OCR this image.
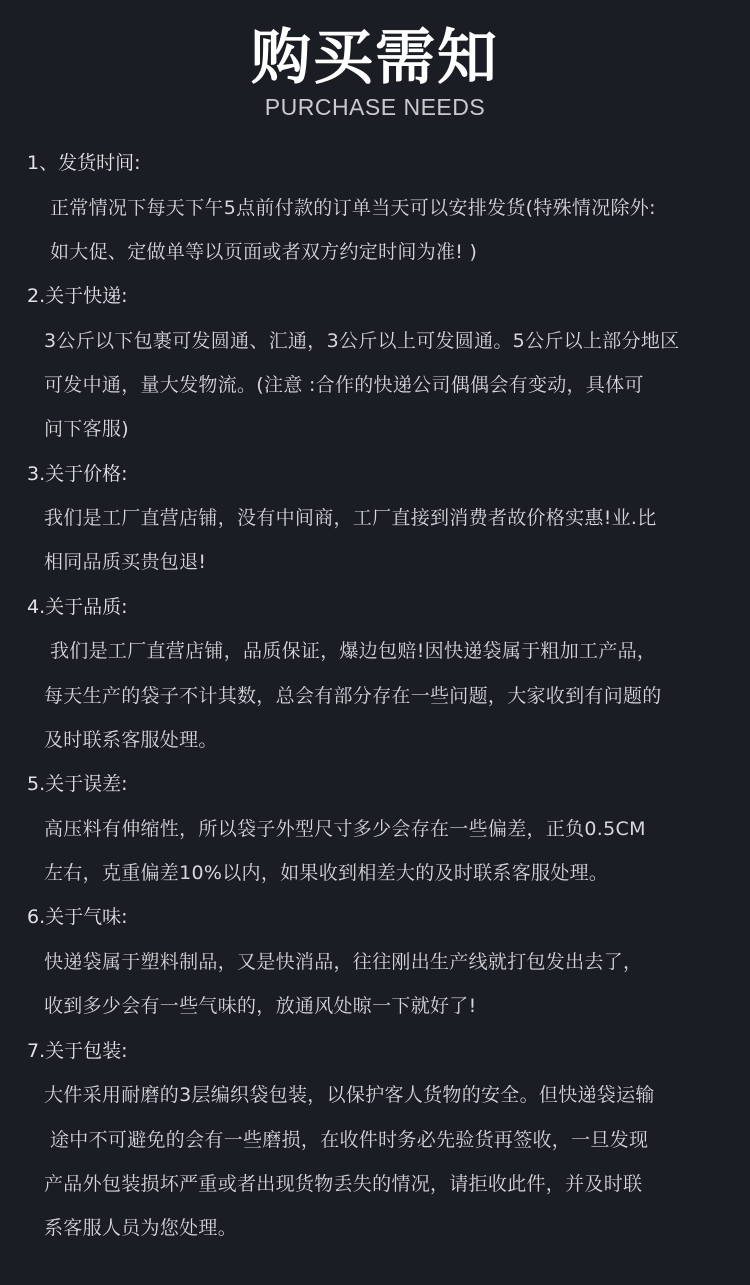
购买需知
PURCHASE NEEDS
1、发货时间:
正常情况下每天下午5点前付款的订单当天可以安排发货(特殊情况除外:
如大促、定做单等以页面或者双方约定时间为准! )
2.关于快递:
3公斤以下包裹可发圆通、汇通，3公斤以上可发圆通。5公斤以上部分地区
可发中通，量大发物流。(注意 :合作的快递公司偶偶会有变动，具体可
问下客服)
3.关于价格:
我们是工厂直营店铺，没有中间商，工厂直接到消费者故价格实惠!业.比
相同品质买贵包退!
4.关于品质:
我们是工厂直营店铺，品质保证，爆边包赔!因快递袋属于粗加工产品，
每天生产的袋子不计其数，总会有部分存在一些问题，大家收到有问题的
及时联系客服处理。
5.关于误差:
高压料有伸缩性，所以袋子外型尺寸多少会存在一些偏差，正负0.5CM
左右，克重偏差10%以内，如果收到相差大的及时联系客服处理。
6.关于气味:
快递袋属于塑料制品，又是快消品，往往刚出生产线就打包发出去了，
收到多少会有一些气味的，放通风处晾一下就好了!
7.关于包装:
大件采用耐磨的3层编织袋包装，以保护客人货物的安全。但快递袋运输
途中不可避免的会有一些磨损，在收件时务必先验货再签收，一旦发现
产品外包装损坏严重或者出现货物丢失的情况，请拒收此件，并及时联
系客服人员为您处理。
